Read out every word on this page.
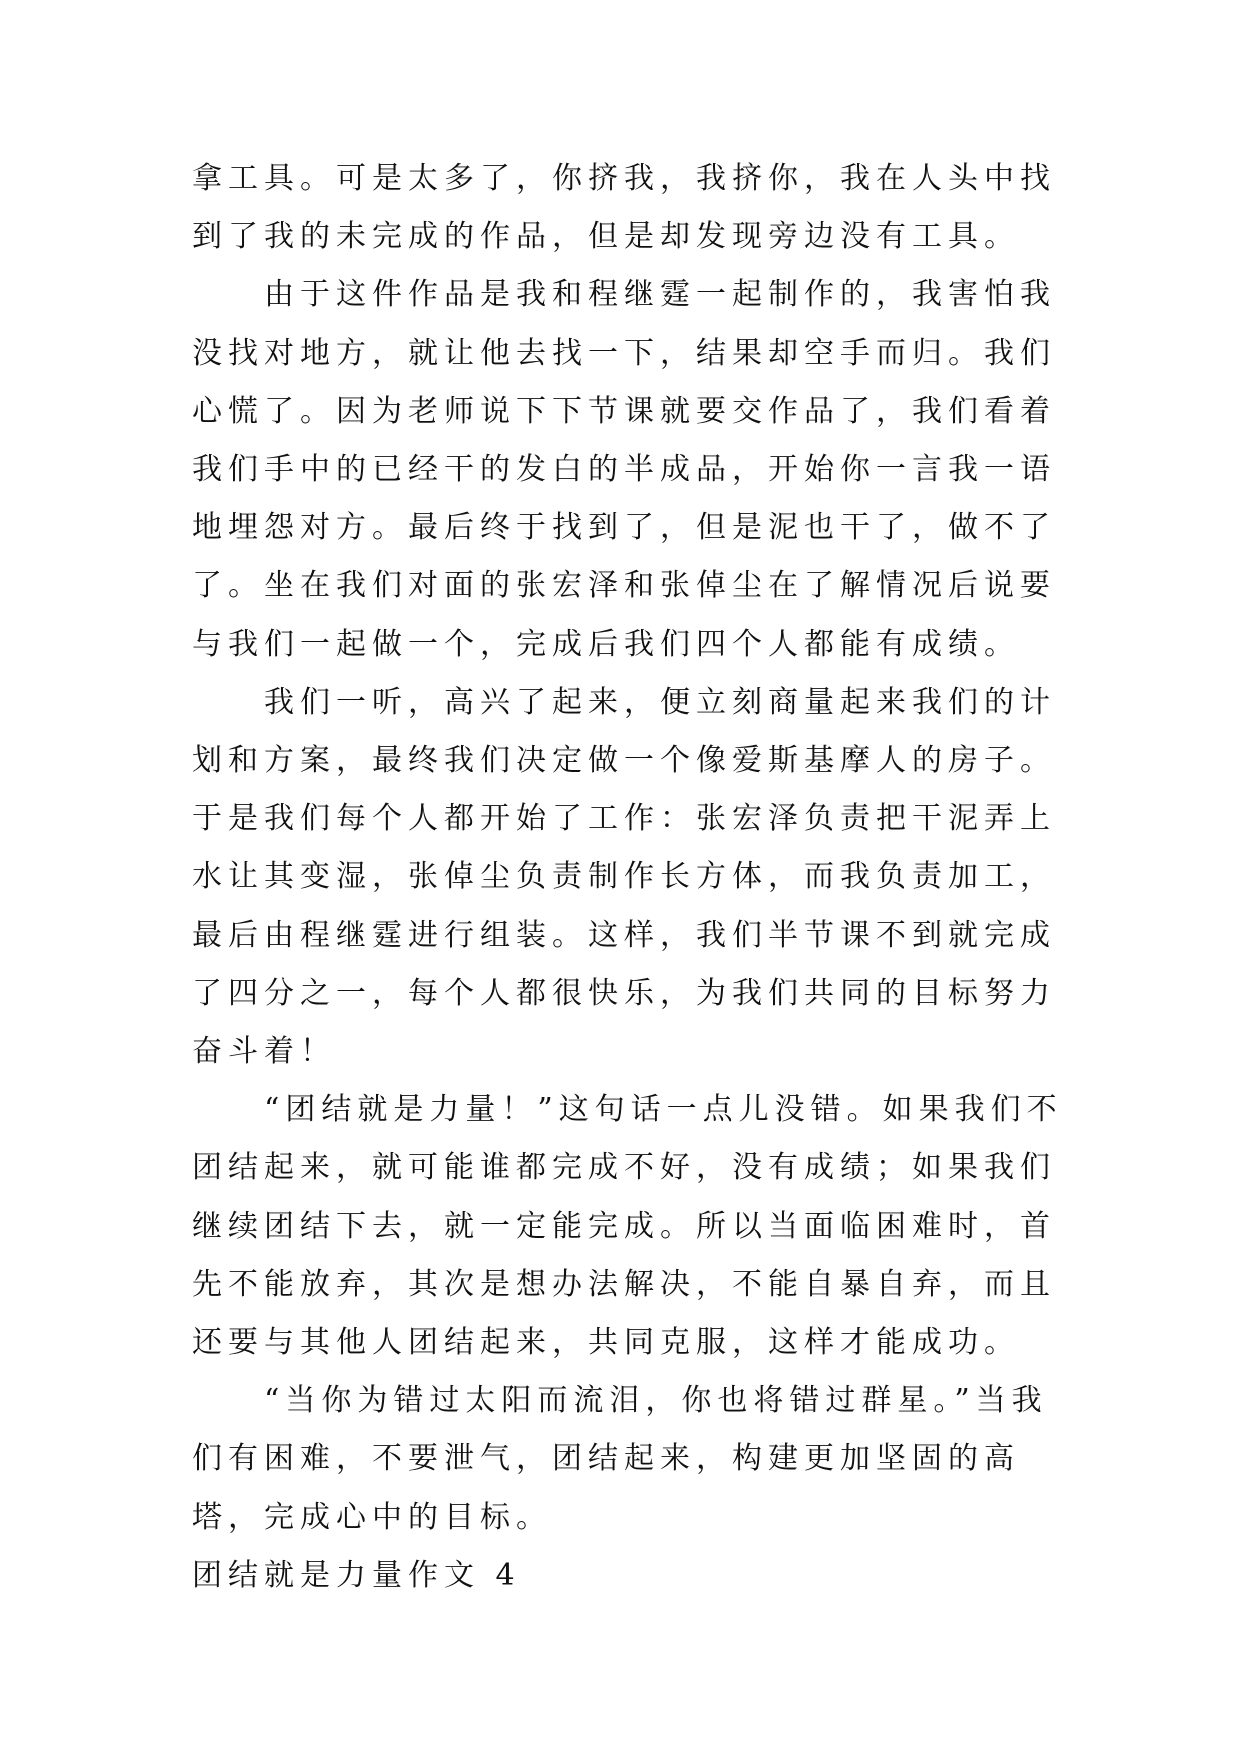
拿工具。可是太多了，你挤我，我挤你，我在人头中找到了我的未完成的作品，但是却发现旁边没有工具。

由于这件作品是我和程继霆一起制作的，我害怕我没找对地方，就让他去找一下，结果却空手而归。我们心慌了。因为老师说下下节课就要交作品了，我们看着我们手中的已经干的发白的半成品，开始你一言我一语地埋怨对方。最后终于找到了，但是泥也干了，做不了了。坐在我们对面的张宏泽和张倬尘在了解情况后说要与我们一起做一个，完成后我们四个人都能有成绩。

我们一听，高兴了起来，便立刻商量起来我们的计划和方案，最终我们决定做一个像爱斯基摩人的房子。于是我们每个人都开始了工作：张宏泽负责把干泥弄上水让其变湿，张倬尘负责制作长方体，而我负责加工，最后由程继霆进行组装。这样，我们半节课不到就完成了四分之一，每个人都很快乐，为我们共同的目标努力奋斗着！

“团结就是力量！”这句话一点儿没错。如果我们不团结起来，就可能谁都完成不好，没有成绩；如果我们继续团结下去，就一定能完成。所以当面临困难时，首先不能放弃，其次是想办法解决，不能自暴自弃，而且还要与其他人团结起来，共同克服，这样才能成功。

“当你为错过太阳而流泪，你也将错过群星。”当我们有困难，不要泄气，团结起来，构建更加坚固的高塔，完成心中的目标。

团结就是力量作文 4
